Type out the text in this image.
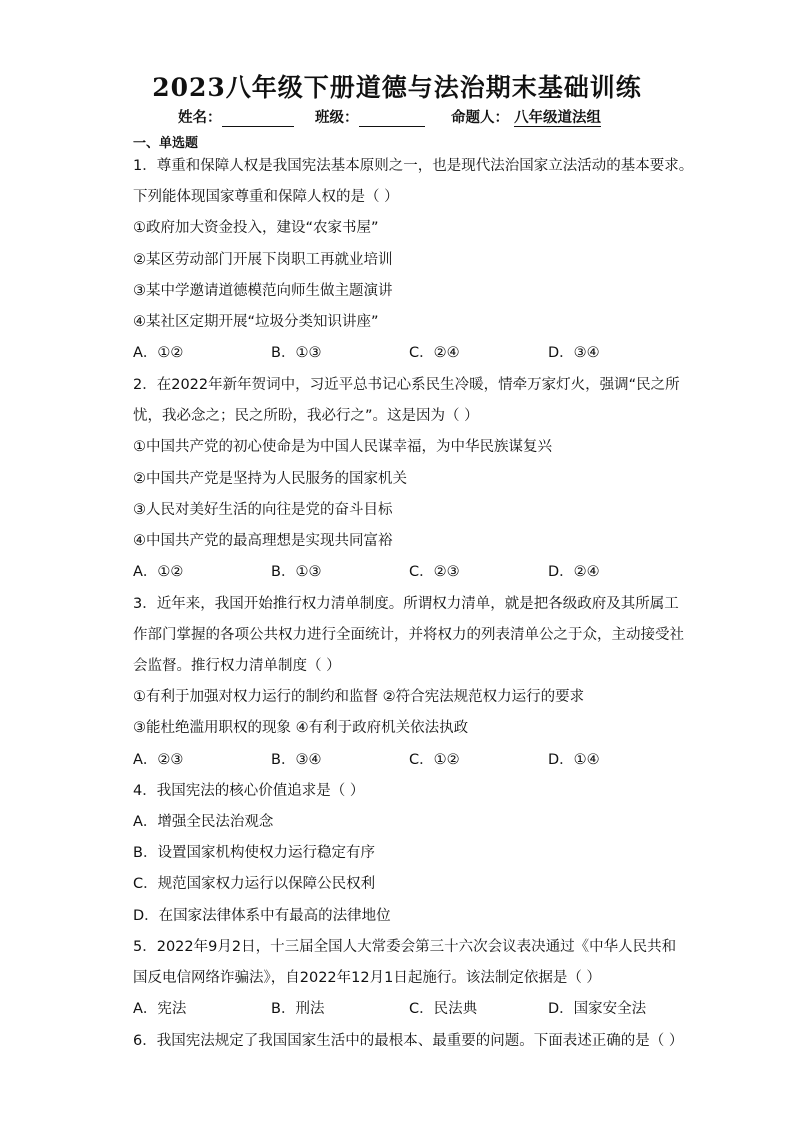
2023八年级下册道德与法治期末基础训练
姓名：	班级：	命题人： 八年级道法组
一、单选题
1．尊重和保障人权是我国宪法基本原则之一，也是现代法治国家立法活动的基本要求。
下列能体现国家尊重和保障人权的是（ ）
①政府加大资金投入，建设“农家书屋”
②某区劳动部门开展下岗职工再就业培训
③某中学邀请道德模范向师生做主题演讲
④某社区定期开展“垃圾分类知识讲座”
A．①②	B．①③	C．②④	D．③④
2．在2022年新年贺词中，习近平总书记心系民生冷暖，情牵万家灯火，强调“民之所
忧，我必念之；民之所盼，我必行之”。这是因为（ ）
①中国共产党的初心使命是为中国人民谋幸福，为中华民族谋复兴
②中国共产党是坚持为人民服务的国家机关
③人民对美好生活的向往是党的奋斗目标
④中国共产党的最高理想是实现共同富裕
A．①②	B．①③	C．②③	D．②④
3．近年来，我国开始推行权力清单制度。所谓权力清单，就是把各级政府及其所属工
作部门掌握的各项公共权力进行全面统计，并将权力的列表清单公之于众，主动接受社
会监督。推行权力清单制度（ ）
①有利于加强对权力运行的制约和监督 ②符合宪法规范权力运行的要求
③能杜绝滥用职权的现象 ④有利于政府机关依法执政
A．②③	B．③④	C．①②	D．①④
4．我国宪法的核心价值追求是（ ）
A．增强全民法治观念
B．设置国家机构使权力运行稳定有序
C．规范国家权力运行以保障公民权利
D．在国家法律体系中有最高的法律地位
5．2022年9月2日，十三届全国人大常委会第三十六次会议表决通过《中华人民共和
国反电信网络诈骗法》，自2022年12月1日起施行。该法制定依据是（ ）
A．宪法	B．刑法	C．民法典	D．国家安全法
6．我国宪法规定了我国国家生活中的最根本、最重要的问题。下面表述正确的是（ ）
